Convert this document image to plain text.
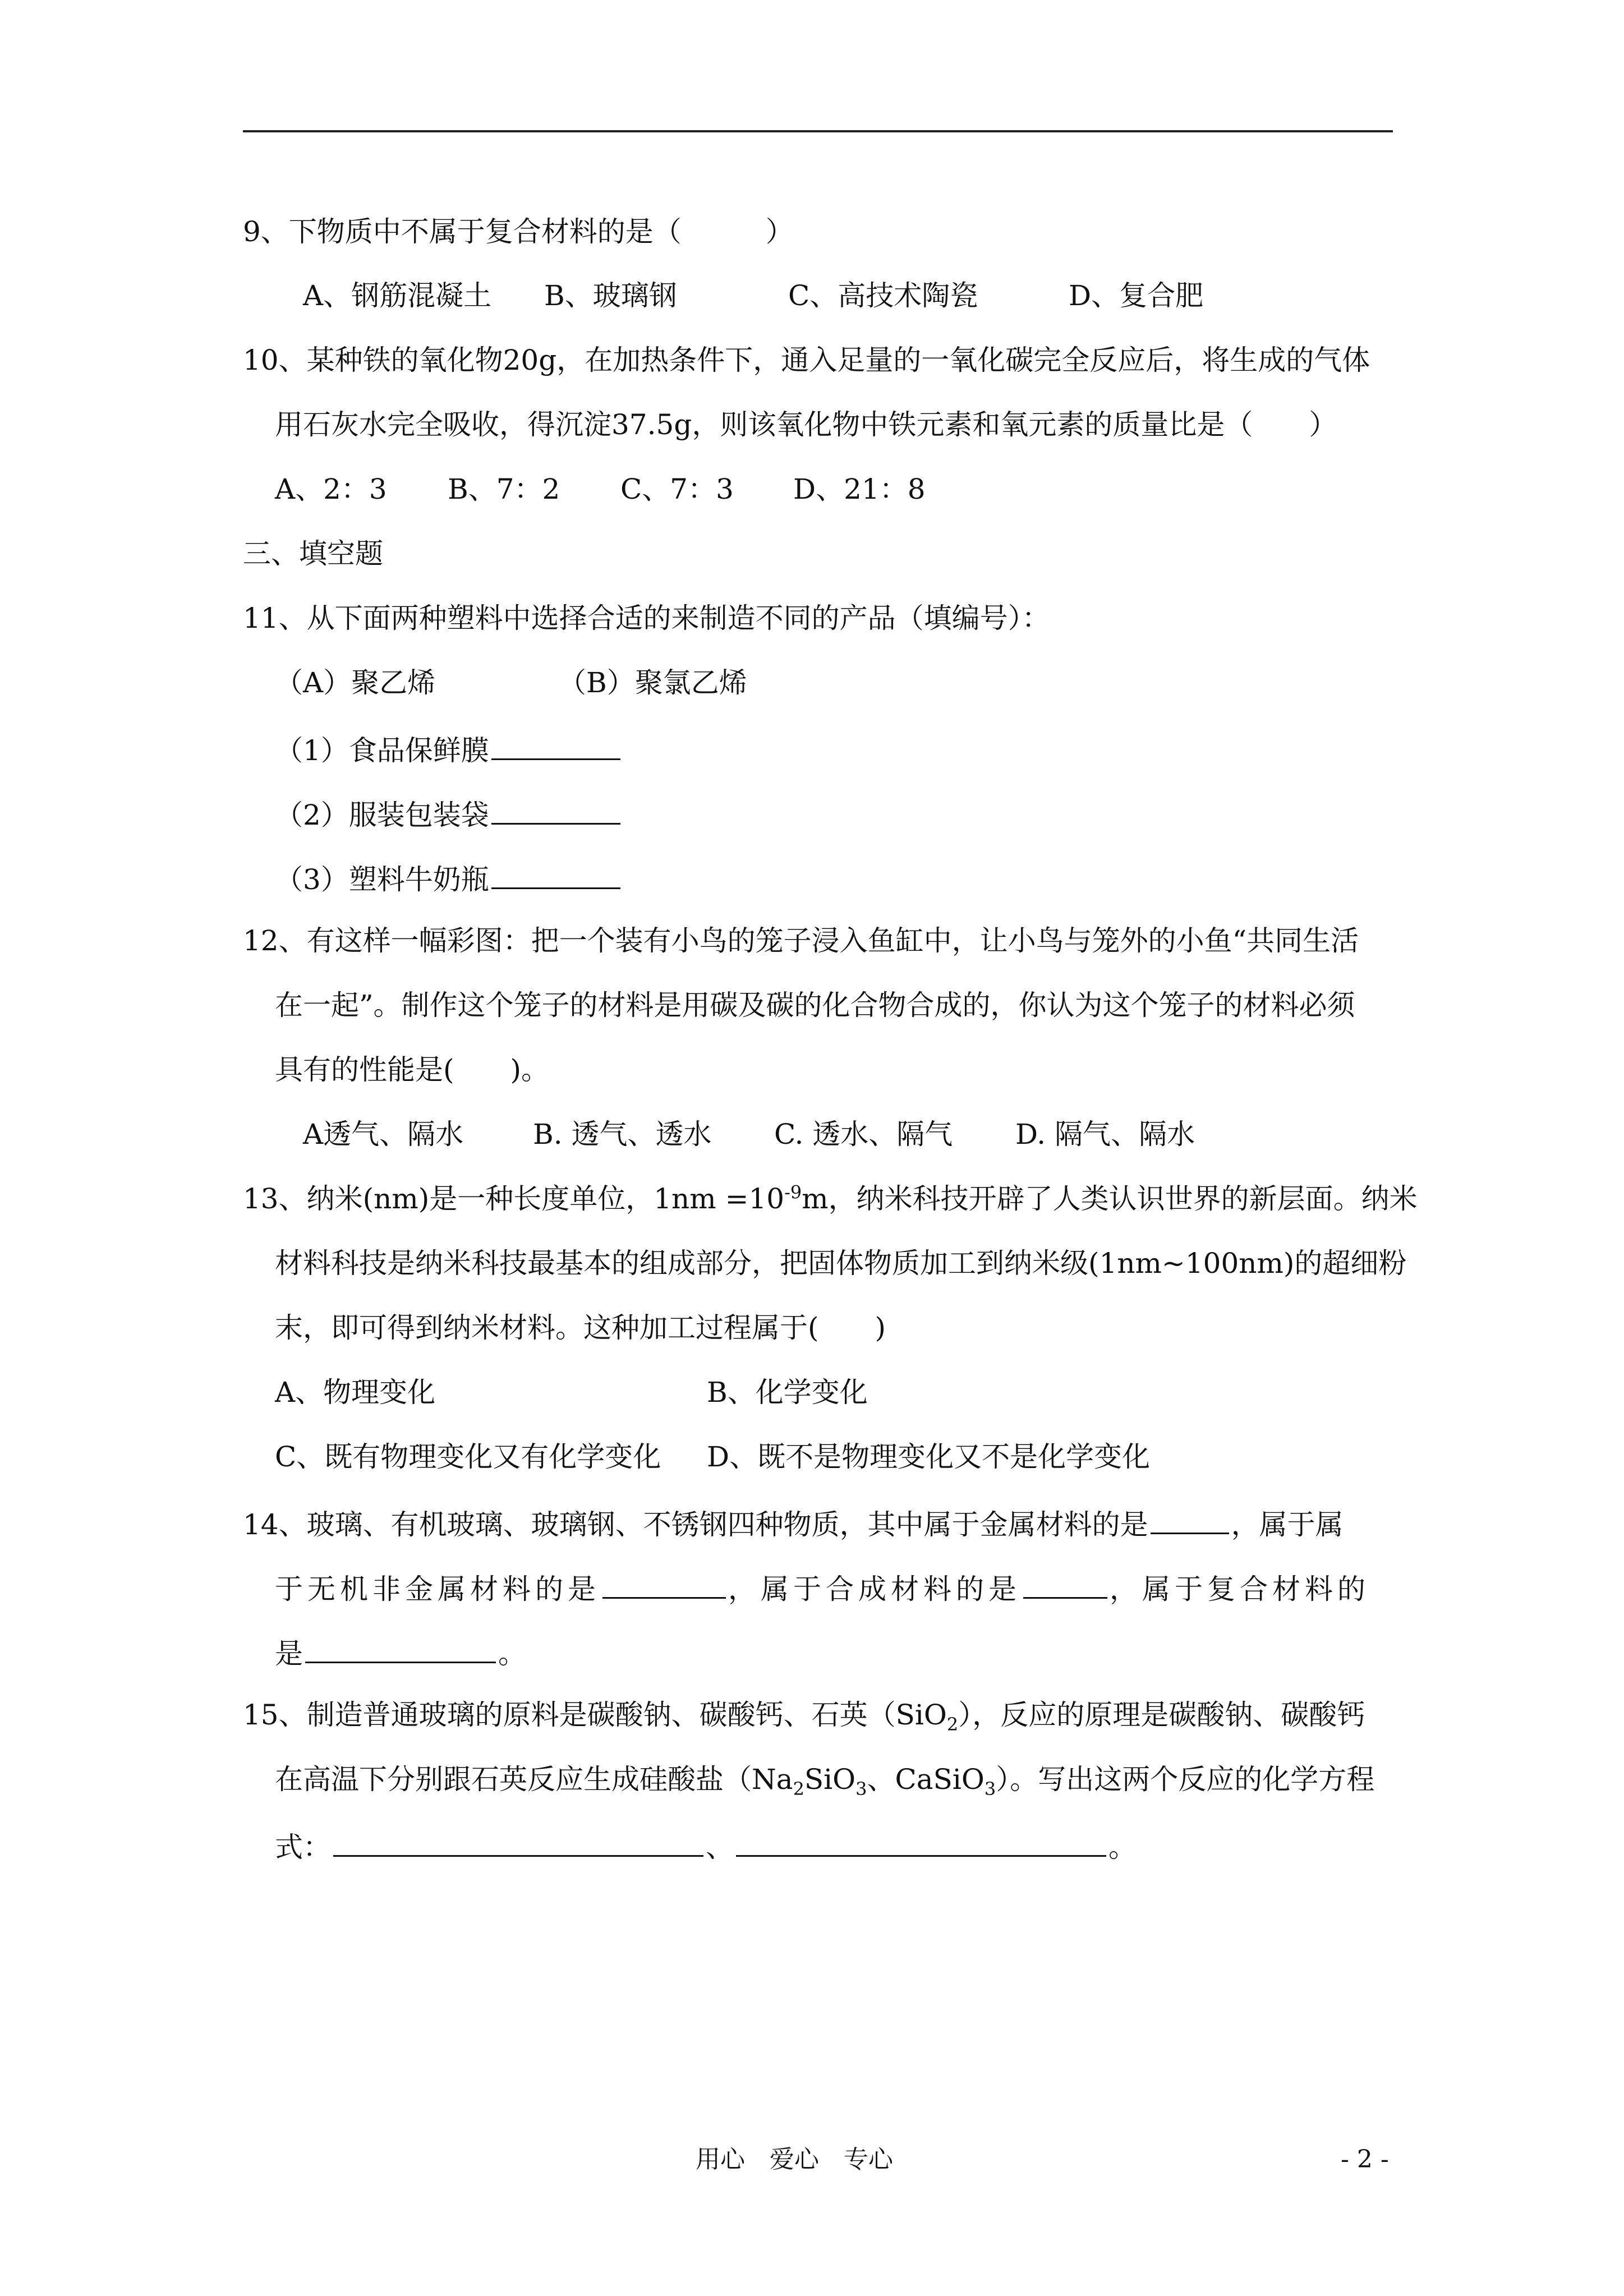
9、下物质中不属于复合材料的是（　　　）
A、钢筋混凝土 B、玻璃钢	C、高技术陶瓷	D、复合肥
10、某种铁的氧化物20g，在加热条件下，通入足量的一氧化碳完全反应后，将生成的气体
用石灰水完全吸收，得沉淀37.5g，则该氧化物中铁元素和氧元素的质量比是（　　）
A、2：3 B、7：2 C、7：3 D、21：8
三、填空题
11、从下面两种塑料中选择合适的来制造不同的产品（填编号）：
（A）聚乙烯	（B）聚氯乙烯
（1）食品保鲜膜
（2）服装包装袋
（3）塑料牛奶瓶
12、有这样一幅彩图：把一个装有小鸟的笼子浸入鱼缸中，让小鸟与笼外的小鱼“共同生活
在一起”。制作这个笼子的材料是用碳及碳的化合物合成的，你认为这个笼子的材料必须
具有的性能是(　　)。
A透气、隔水 B. 透气、透水 C. 透水、隔气 D. 隔气、隔水
13、纳米(nm)是一种长度单位，$1nm =10^{-9}m$，纳米科技开辟了人类认识世界的新层面。纳米
材料科技是纳米科技最基本的组成部分，把固体物质加工到纳米级(1nm~100nm)的超细粉
末，即可得到纳米材料。这种加工过程属于(　　)
A、物理变化	B、化学变化
C、既有物理变化又有化学变化 D、既不是物理变化又不是化学变化
14、玻璃、有机玻璃、玻璃钢、不锈钢四种物质，其中属于金属材料的是	，属于属
于无机非金属材料的是	，属于合成材料的是	，属于复合材料的
是	。
15、制造普通玻璃的原料是碳酸钠、碳酸钙、石英（SiO$_2$），反应的原理是碳酸钠、碳酸钙
在高温下分别跟石英反应生成硅酸盐（$Na_2SiO_3$、CaSiO$_3$）。写出这两个反应的化学方程
式：	、	。
用心　爱心　专心	- 2 -
